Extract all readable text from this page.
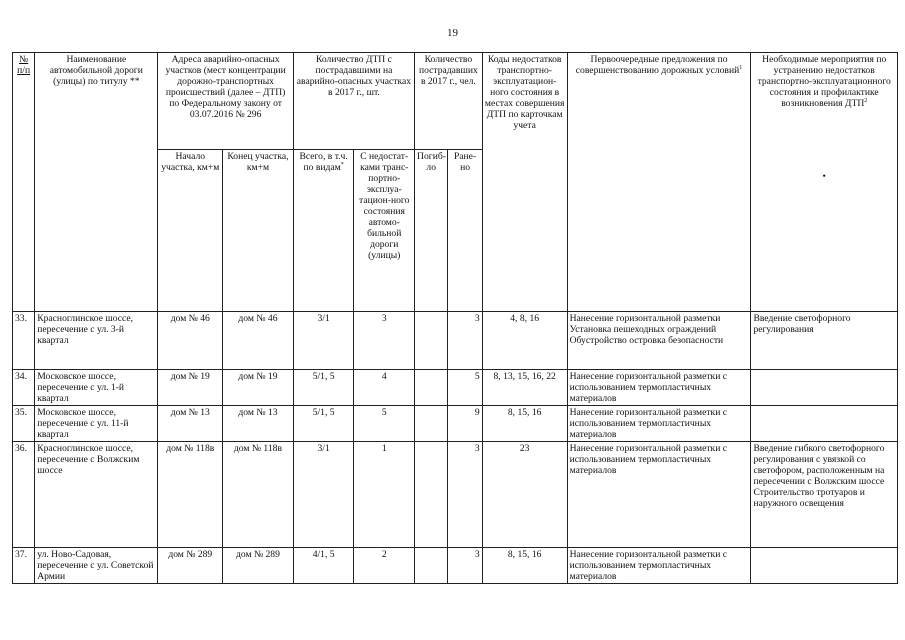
19
№ п/п	Наименование автомобильной дороги (улицы) по титулу **	Адреса аварийно-опасных участков (мест концентрации дорожно-транспортных происшествий (далее – ДТП) по Федеральному закону от 03.07.2016 № 296		Количество ДТП с пострадавшими на аварийно-опасных участках в 2017 г., шт.		Количество пострадавших в 2017 г., чел.		Коды недостатков транспортно-эксплуатацион-ного состояния в местах совершения ДТП по карточкам учета	Первоочередные предложения по совершенствованию дорожных условий$^1$	Необходимые мероприятия по устранению недостатков транспортно-эксплуатационного состояния и профилактике возникновения ДТП$^2$
•

		Начало участка, км+м	Конец участка, км+м	Всего, в т.ч. по видам*	С недостат-ками транс-портно-эксплуа-тацион-ного состояния автомо-бильной дороги (улицы)	Погиб-ло	Ране-но			
33.	Красноглинское шоссе, пересечение с ул. 3-й квартал	дом № 46	дом № 46	3/1	3		3	4, 8, 16	Нанесение горизонтальной разметки
Установка пешеходных ограждений
Обустройство островка безопасности	Введение светофорного регулирования

34.	Московское шоссе, пересечение с ул. 1-й квартал	дом № 19	дом № 19	5/1, 5	4		5	8, 13, 15, 16, 22	Нанесение горизонтальной разметки с использованием термопластичных материалов	

35.	Московское шоссе, пересечение с ул. 11-й квартал	дом № 13	дом № 13	5/1, 5	5		9	8, 15, 16	Нанесение горизонтальной разметки с использованием термопластичных материалов	

36.	Красноглинское шоссе, пересечение с Волжским шоссе	дом № 118в	дом № 118в	3/1	1		3	23	Нанесение горизонтальной разметки с использованием термопластичных материалов	Введение гибкого светофорного регулирования с увязкой со светофором, расположенным на пересечении с Волжским шоссе
Строительство тротуаров и наружного освещения

37.	ул. Ново-Садовая, пересечение с ул. Советской Армии	дом № 289	дом № 289	4/1, 5	2		3	8, 15, 16	Нанесение горизонтальной разметки с использованием термопластичных материалов	
